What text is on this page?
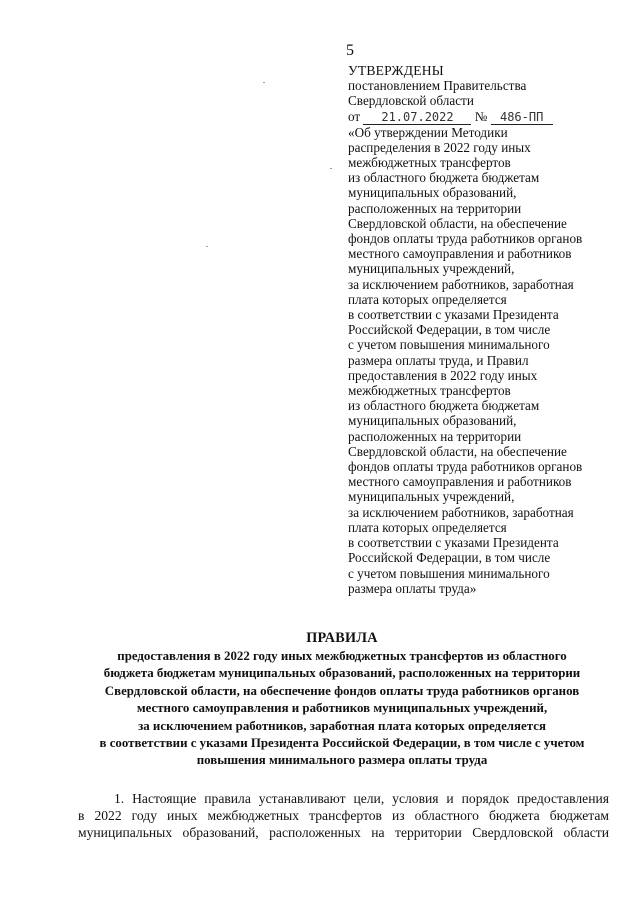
5
УТВЕРЖДЕНЫ
постановлением Правительства
Свердловской области
от 21.07.2022 № 486-ПП
«Об утверждении Методики
распределения в 2022 году иных
межбюджетных трансфертов
из областного бюджета бюджетам
муниципальных образований,
расположенных на территории
Свердловской области, на обеспечение
фондов оплаты труда работников органов
местного самоуправления и работников
муниципальных учреждений,
за исключением работников, заработная
плата которых определяется
в соответствии с указами Президента
Российской Федерации, в том числе
с учетом повышения минимального
размера оплаты труда, и Правил
предоставления в 2022 году иных
межбюджетных трансфертов
из областного бюджета бюджетам
муниципальных образований,
расположенных на территории
Свердловской области, на обеспечение
фондов оплаты труда работников органов
местного самоуправления и работников
муниципальных учреждений,
за исключением работников, заработная
плата которых определяется
в соответствии с указами Президента
Российской Федерации, в том числе
с учетом повышения минимального
размера оплаты труда»
ПРАВИЛА
предоставления в 2022 году иных межбюджетных трансфертов из областного
бюджета бюджетам муниципальных образований, расположенных на территории
Свердловской области, на обеспечение фондов оплаты труда работников органов
местного самоуправления и работников муниципальных учреждений,
за исключением работников, заработная плата которых определяется
в соответствии с указами Президента Российской Федерации, в том числе с учетом
повышения минимального размера оплаты труда
1. Настоящие правила устанавливают цели, условия и порядок предоставления
в 2022 году иных межбюджетных трансфертов из областного бюджета бюджетам
муниципальных образований, расположенных на территории Свердловской области
